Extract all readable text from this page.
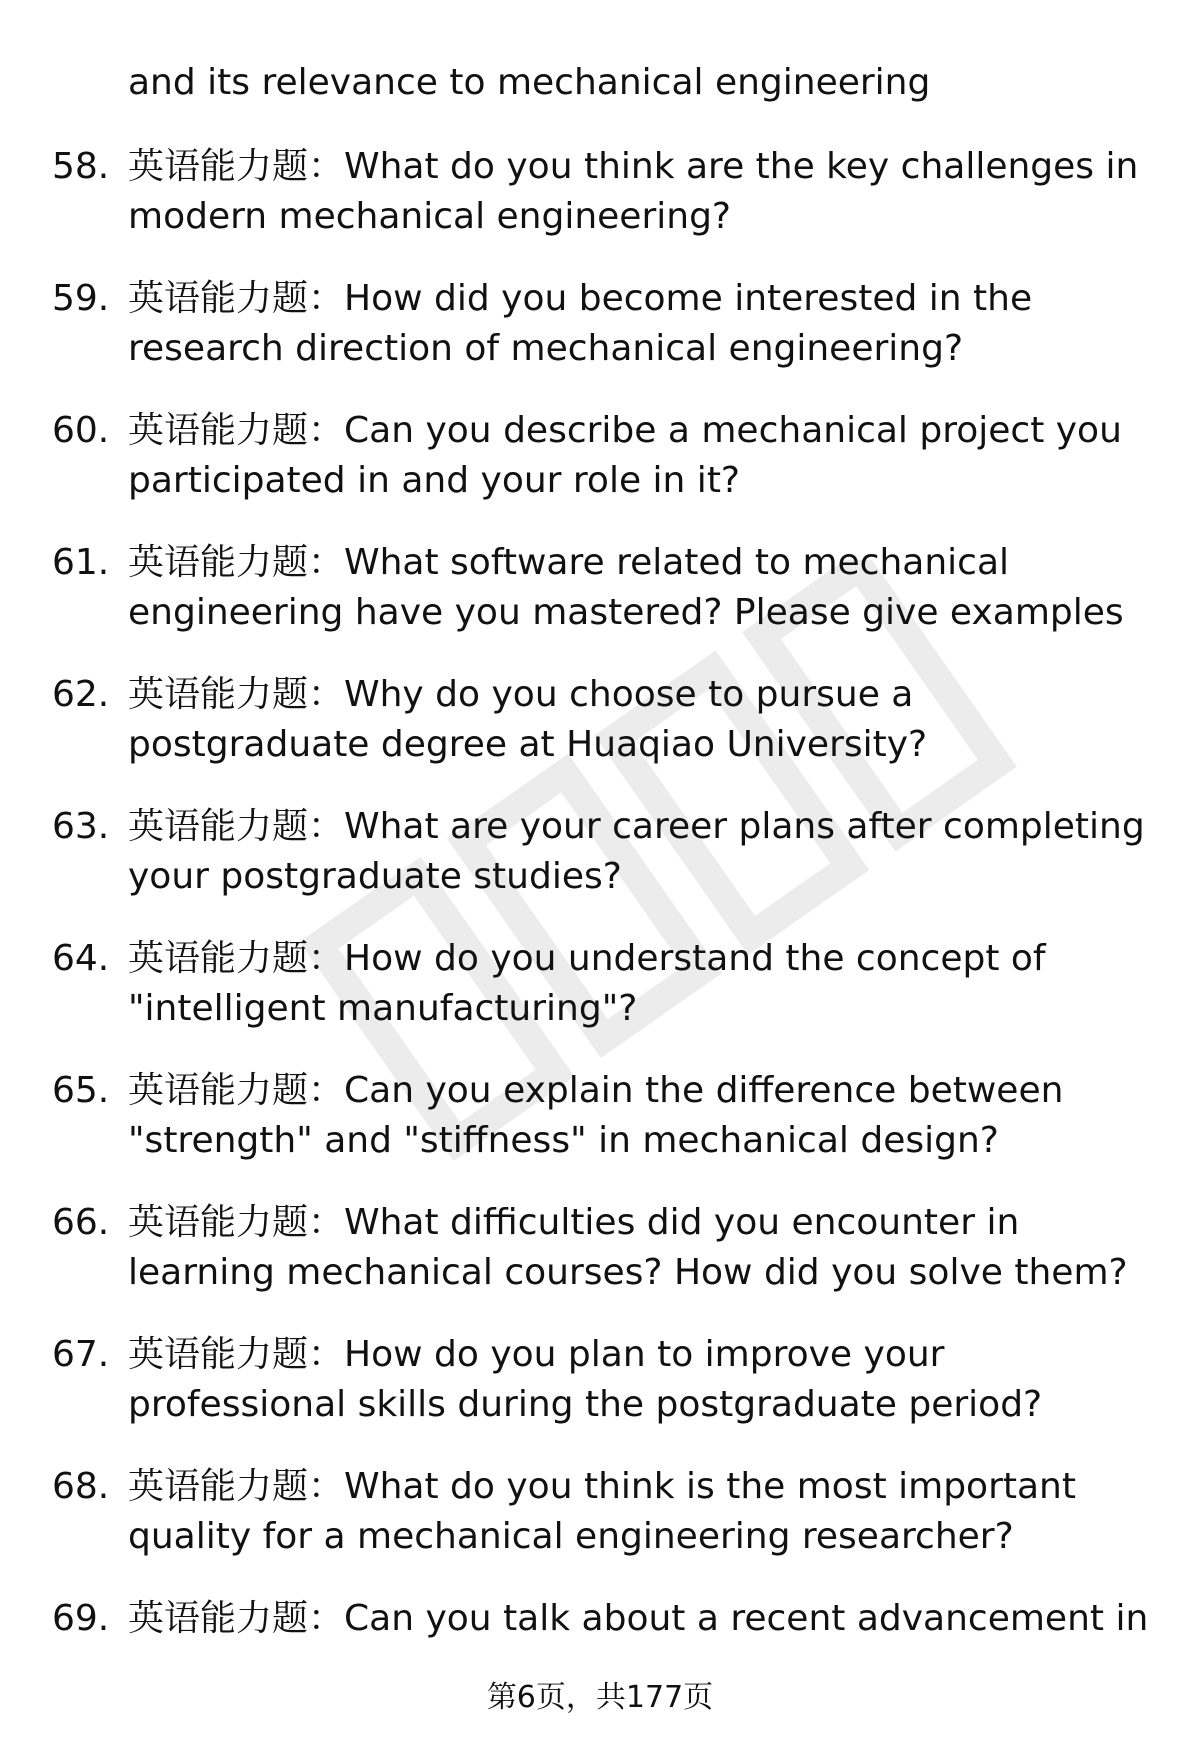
and its relevance to mechanical engineering
58. 英语能力题：What do you think are the key challenges in modern mechanical engineering?
59. 英语能力题：How did you become interested in the research direction of mechanical engineering?
60. 英语能力题：Can you describe a mechanical project you participated in and your role in it?
61. 英语能力题：What software related to mechanical engineering have you mastered? Please give examples
62. 英语能力题：Why do you choose to pursue a postgraduate degree at Huaqiao University?
63. 英语能力题：What are your career plans after completing your postgraduate studies?
64. 英语能力题：How do you understand the concept of "intelligent manufacturing"?
65. 英语能力题：Can you explain the difference between "strength" and "stiffness" in mechanical design?
66. 英语能力题：What difficulties did you encounter in learning mechanical courses? How did you solve them?
67. 英语能力题：How do you plan to improve your professional skills during the postgraduate period?
68. 英语能力题：What do you think is the most important quality for a mechanical engineering researcher?
69. 英语能力题：Can you talk about a recent advancement in
第6页，共177页
